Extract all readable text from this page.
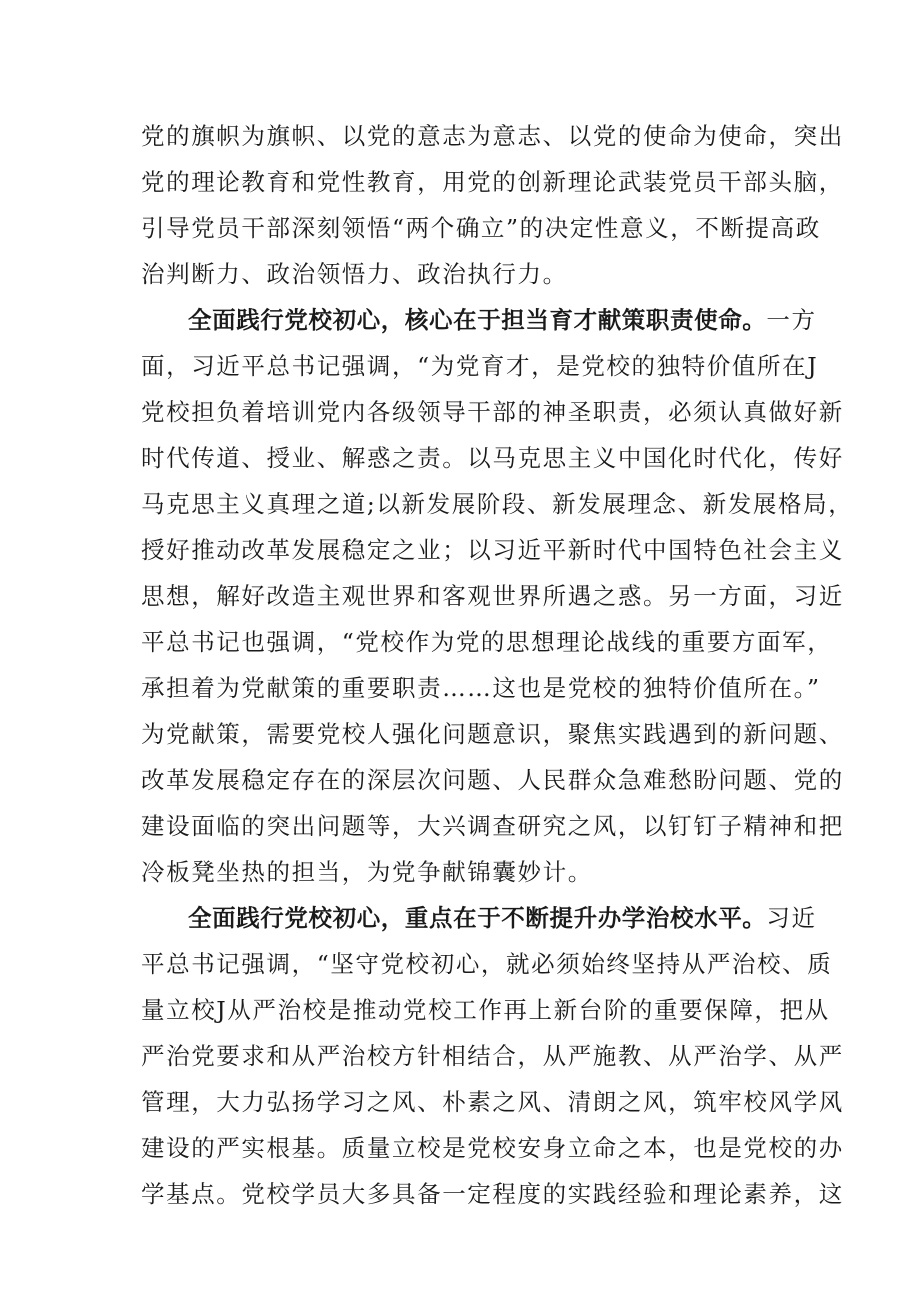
党的旗帜为旗帜、以党的意志为意志、以党的使命为使命，突出
党的理论教育和党性教育，用党的创新理论武装党员干部头脑，
引导党员干部深刻领悟“两个确立”的决定性意义，不断提高政
治判断力、政治领悟力、政治执行力。
全面践行党校初心，核心在于担当育才献策职责使命。一方
面，习近平总书记强调，“为党育才，是党校的独特价值所在J
党校担负着培训党内各级领导干部的神圣职责，必须认真做好新
时代传道、授业、解惑之责。以马克思主义中国化时代化，传好
马克思主义真理之道;以新发展阶段、新发展理念、新发展格局，
授好推动改革发展稳定之业；以习近平新时代中国特色社会主义
思想，解好改造主观世界和客观世界所遇之惑。另一方面，习近
平总书记也强调，“党校作为党的思想理论战线的重要方面军，
承担着为党献策的重要职责……这也是党校的独特价值所在。”
为党献策，需要党校人强化问题意识，聚焦实践遇到的新问题、
改革发展稳定存在的深层次问题、人民群众急难愁盼问题、党的
建设面临的突出问题等，大兴调查研究之风，以钉钉子精神和把
冷板凳坐热的担当，为党争献锦囊妙计。
全面践行党校初心，重点在于不断提升办学治校水平。习近
平总书记强调，“坚守党校初心，就必须始终坚持从严治校、质
量立校J从严治校是推动党校工作再上新台阶的重要保障，把从
严治党要求和从严治校方针相结合，从严施教、从严治学、从严
管理，大力弘扬学习之风、朴素之风、清朗之风，筑牢校风学风
建设的严实根基。质量立校是党校安身立命之本，也是党校的办
学基点。党校学员大多具备一定程度的实践经验和理论素养，这
